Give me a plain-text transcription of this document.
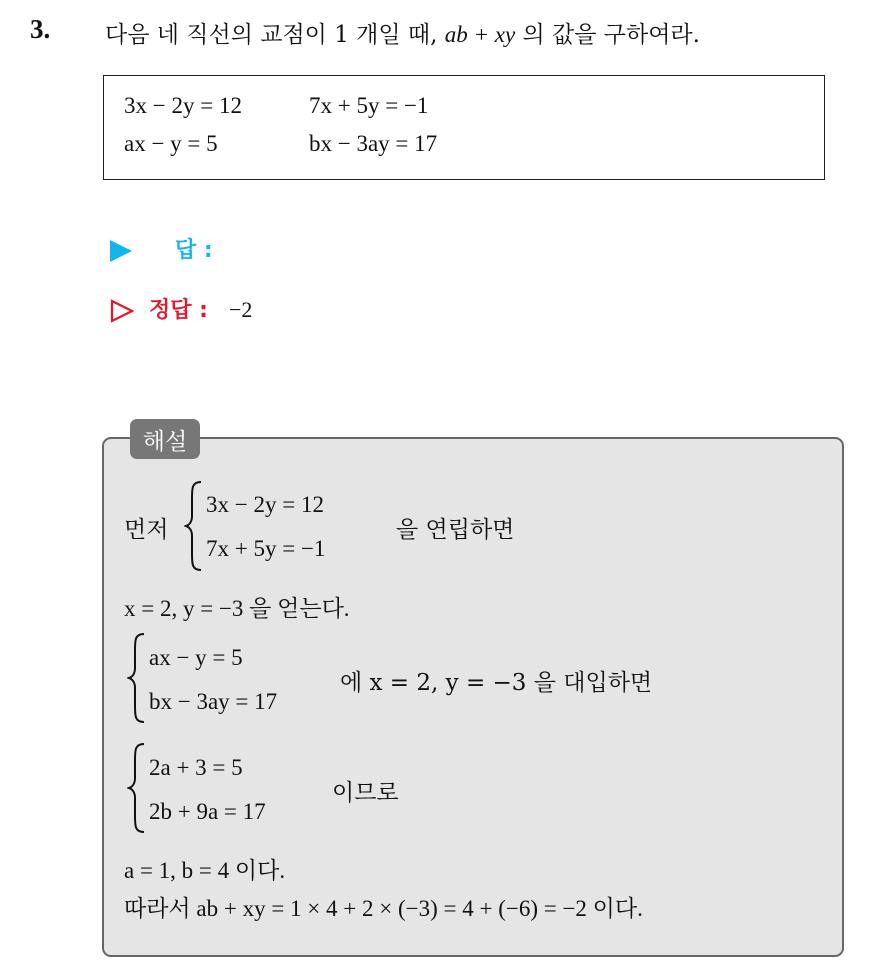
3. 다음 네 직선의 교점이 1 개일 때, ab + xy 의 값을 구하여라.
3x − 2y = 12	7x + 5y = −1
ax − y = 5	bx − 3ay = 17
답 :
정답 : −2
해설
먼저
3x − 2y = 12
7x + 5y = −1
을 연립하면
x = 2, y = −3 을 얻는다.
ax − y = 5
bx − 3ay = 17
에 x = 2, y = −3 을 대입하면
2a + 3 = 5
2b + 9a = 17
이므로
a = 1, b = 4 이다.
따라서 ab + xy = 1 × 4 + 2 × (−3) = 4 + (−6) = −2 이다.
